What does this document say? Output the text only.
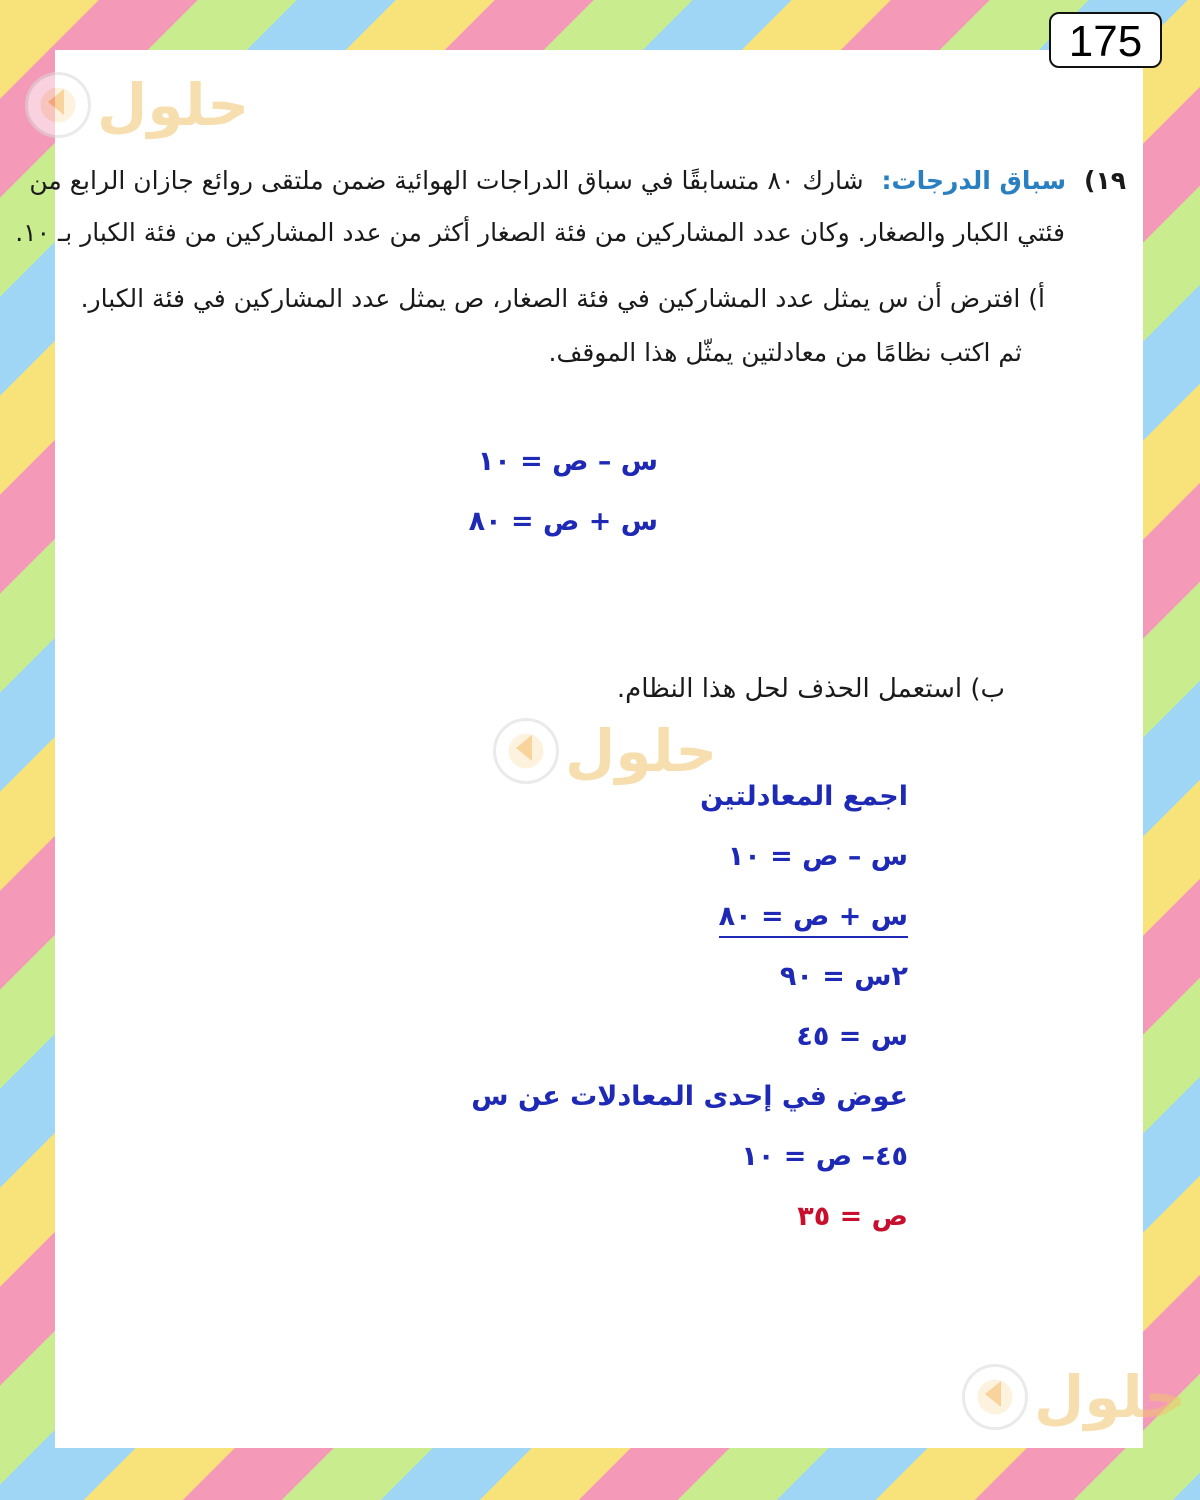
175
حلول
حلول
حلول
١٩) سباق الدرجات: شارك ٨٠ متسابقًا في سباق الدراجات الهوائية ضمن ملتقى روائع جازان الرابع من
فئتي الكبار والصغار. وكان عدد المشاركين من فئة الصغار أكثر من عدد المشاركين من فئة الكبار بـ ١٠.
أ) افترض أن س يمثل عدد المشاركين في فئة الصغار، ص يمثل عدد المشاركين في فئة الكبار.
ثم اكتب نظامًا من معادلتين يمثّل هذا الموقف.
س – ص = ١٠
س + ص = ٨٠
ب) استعمل الحذف لحل هذا النظام.
اجمع المعادلتين
س – ص = ١٠
س + ص = ٨٠
٢س = ٩٠
س = ٤٥
عوض في إحدى المعادلات عن س
٤٥– ص = ١٠
ص = ٣٥
